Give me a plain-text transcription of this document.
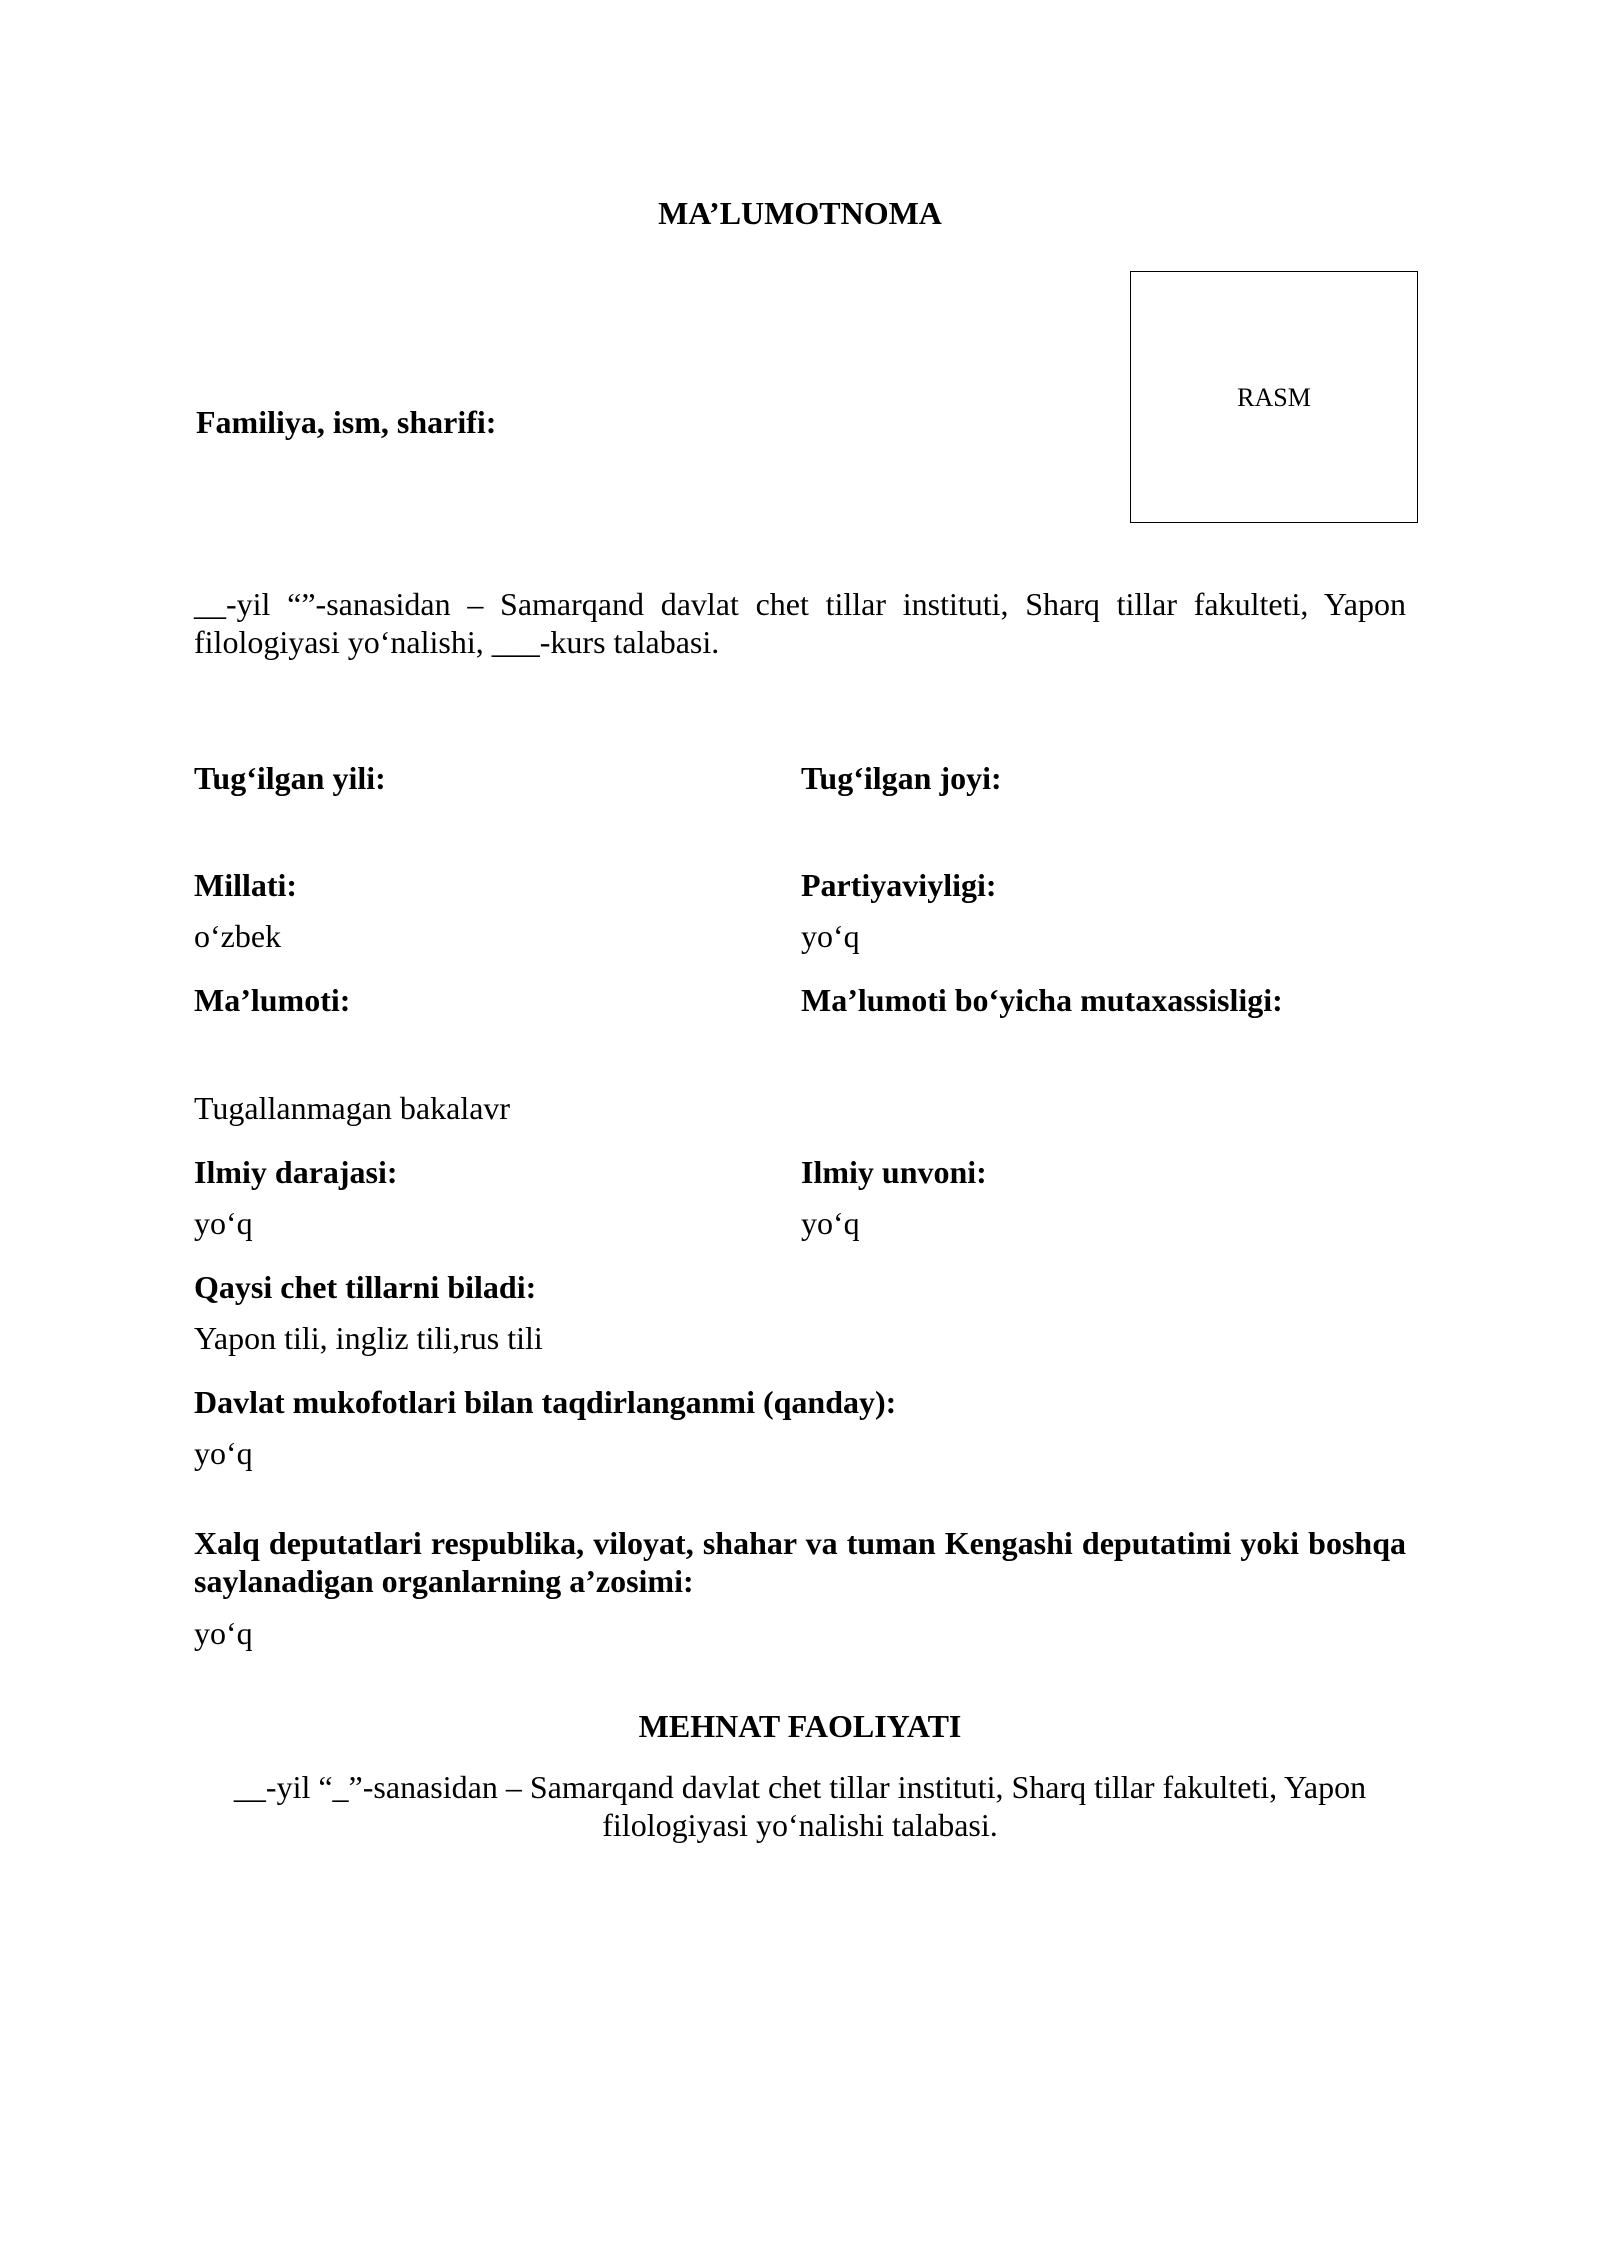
MA’LUMOTNOMA
RASM

Familiya, ism, sharifi:

__-yil “”-sanasidan – Samarqand davlat chet tillar instituti, Sharq tillar fakulteti, Yapon filologiyasi yo‘nalishi, ___-kurs talabasi.

Tug‘ilgan yili:	Tug‘ilgan joyi:

Millati:	Partiyaviyligi:

o‘zbek	yo‘q

Ma’lumoti:	Ma’lumoti bo‘yicha mutaxassisligi:

Tugallanmagan bakalavr

Ilmiy darajasi:	Ilmiy unvoni:

yo‘q	yo‘q

Qaysi chet tillarni biladi:

Yapon tili, ingliz tili,rus tili

Davlat mukofotlari bilan taqdirlanganmi (qanday):

yo‘q

Xalq deputatlari respublika, viloyat, shahar va tuman Kengashi deputatimi yoki boshqa saylanadigan organlarning a’zosimi:

yo‘q

MEHNAT FAOLIYATI

__-yil “_”-sanasidan – Samarqand davlat chet tillar instituti, Sharq tillar fakulteti, Yapon filologiyasi yo‘nalishi talabasi.
